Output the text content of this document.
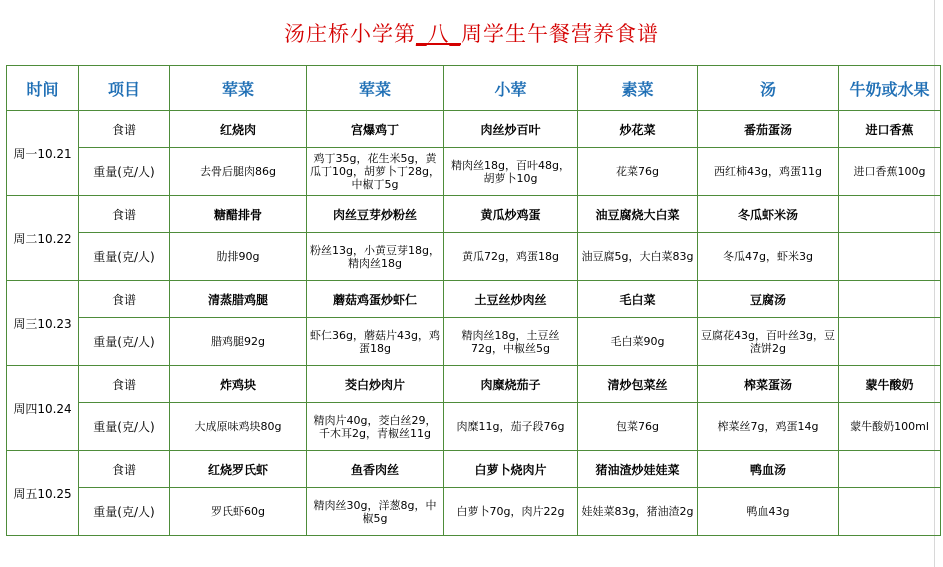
汤庄桥小学第_八_周学生午餐营养食谱
时间	项目	荤菜	荤菜	小荤	素菜	汤	牛奶或水果
周一10.21	食谱	红烧肉	宫爆鸡丁	肉丝炒百叶	炒花菜	番茄蛋汤	进口香蕉
	重量(克/人)	去骨后腿肉86g	鸡丁35g，花生米5g，黄瓜丁10g，胡萝卜丁28g，中椒丁5g	精肉丝18g，百叶48g，胡萝卜10g	花菜76g	西红柿43g，鸡蛋11g	进口香蕉100g
周二10.22	食谱	糖醋排骨	肉丝豆芽炒粉丝	黄瓜炒鸡蛋	油豆腐烧大白菜	冬瓜虾米汤	
	重量(克/人)	肋排90g	粉丝13g，小黄豆芽18g，精肉丝18g	黄瓜72g，鸡蛋18g	油豆腐5g，大白菜83g	冬瓜47g，虾米3g	
周三10.23	食谱	清蒸腊鸡腿	蘑菇鸡蛋炒虾仁	土豆丝炒肉丝	毛白菜	豆腐汤	
	重量(克/人)	腊鸡腿92g	虾仁36g，蘑菇片43g，鸡蛋18g	精肉丝18g，土豆丝72g，中椒丝5g	毛白菜90g	豆腐花43g，百叶丝3g，豆渣饼2g	
周四10.24	食谱	炸鸡块	茭白炒肉片	肉糜烧茄子	清炒包菜丝	榨菜蛋汤	蒙牛酸奶
	重量(克/人)	大成原味鸡块80g	精肉片40g，茭白丝29，千木耳2g，青椒丝11g	肉糜11g，茄子段76g	包菜76g	榨菜丝7g，鸡蛋14g	蒙牛酸奶100ml
周五10.25	食谱	红烧罗氏虾	鱼香肉丝	白萝卜烧肉片	猪油渣炒娃娃菜	鸭血汤	
	重量(克/人)	罗氏虾60g	精肉丝30g，洋葱8g，中椒5g	白萝卜70g，肉片22g	娃娃菜83g，猪油渣2g	鸭血43g	
